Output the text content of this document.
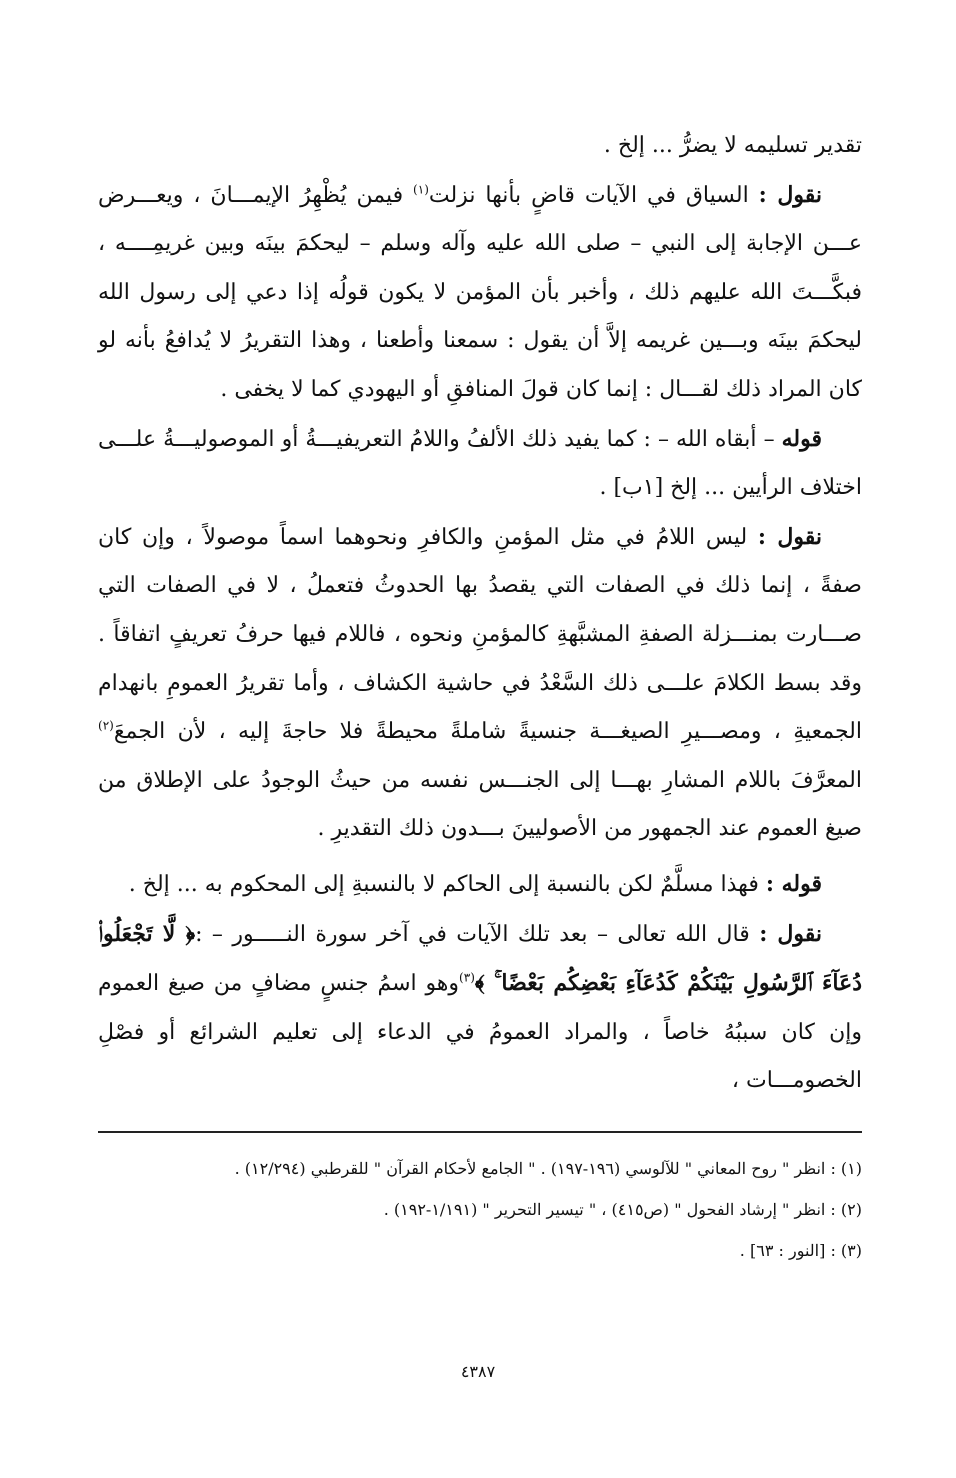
تقدير تسليمه لا يضرُّ ... إلخ .

نقول : السياق في الآيات قاضٍ بأنها نزلت$^{(١)}$ فيمن يُظْهِرُ الإيمـــانَ ، ويعـــرض عـــن الإجابة إلى النبي – صلى الله عليه وآله وسلم – ليحكمَ بينَه وبين غريمِــــه ، فبكَّـــتَ الله عليهم ذلك ، وأخبر بأن المؤمن لا يكون قولُه إذا دعي إلى رسول الله ليحكمَ بينَه وبـــين غريمه إلاَّ أن يقول : سمعنا وأطعنا ، وهذا التقريرُ لا يُدافعُ بأنه لو كان المراد ذلك لقـــال : إنما كان قولَ المنافقِ أو اليهودي كما لا يخفى .

قوله – أبقاه الله – : كما يفيد ذلك الألفُ واللامُ التعريفيـــةُ أو الموصوليـــةُ علـــى اختلاف الرأيين ... إلخ [١ب] .

نقول : ليس اللامُ في مثل المؤمنِ والكافرِ ونحوهما اسماً موصولاً ، وإن كان صفةً ، إنما ذلك في الصفات التي يقصدُ بها الحدوثُ فتعملُ ، لا في الصفات التي صـــارت بمنـــزلة الصفةِ المشبَّهةِ كالمؤمنِ ونحوه ، فاللام فيها حرفُ تعريفٍ اتفاقاً . وقد بسط الكلامَ علـــى ذلك السَّعْدُ في حاشية الكشاف ، وأما تقريرُ العمومِ بانهدام الجمعيةِ ، ومصـــيرِ الصيغـــة جنسيةً شاملةً محيطةً فلا حاجةَ إليه ، لأن الجمعَ$^{(٢)}$ المعرَّفَ باللام المشارِ بهـــا إلى الجنـــس نفسه من حيثُ الوجودُ على الإطلاق من صيغ العموم عند الجمهور من الأصوليينَ بـــدون ذلك التقديرِ .

قوله : فهذا مسلَّمٌ لكن بالنسبة إلى الحاكم لا بالنسبةِ إلى المحكوم به ... إلخ .

نقول : قال الله تعالى – بعد تلك الآيات في آخر سورة النـــــور – :﴿ لَّا تَجْعَلُوا۟ دُعَآءَ ٱلرَّسُولِ بَيْنَكُمْ كَدُعَآءِ بَعْضِكُم بَعْضًا ۚ ﴾$^{(٣)}$وهو اسمُ جنسٍ مضافٍ من صيغ العموم وإن كان سببُهُ خاصاً ، والمراد العمومُ في الدعاء إلى تعليم الشرائع أو فصْلِ الخصومـــات ،

(١) : انظر " روح المعاني " للآلوسي (١٩٦-١٩٧) . " الجامع لأحكام القرآن " للقرطبي (١٢/٢٩٤) .
(٢) : انظر " إرشاد الفحول " (ص٤١٥) ، " تيسير التحرير " (١/١٩١-١٩٢) .
(٣) : [النور : ٦٣] .
٤٣٨٧
